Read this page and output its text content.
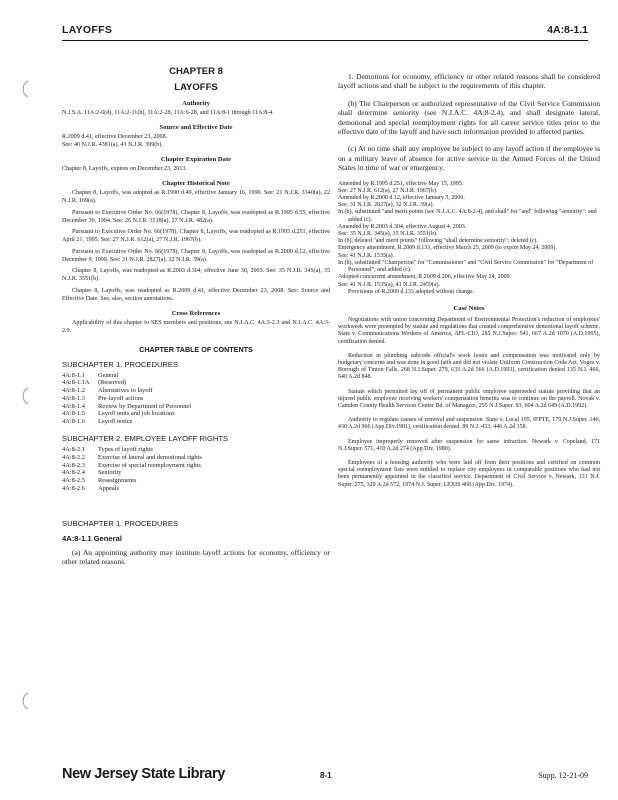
LAYOFFS	4A:8-1.1

CHAPTER 8

LAYOFFS

Authority

N.J.S.A. 11A:2-6(d), 11A:2-11(h), 11A:2-28, 11A:6-28, and 11A:8-1 through 11A:8-4.

Source and Effective Date

R.2009 d.41, effective December 23, 2008.

See: 40 N.J.R. 4381(a), 41 N.J.R. 399(b).

Chapter Expiration Date

Chapter 8, Layoffs, expires on December 23, 2013.

Chapter Historical Note

Chapter 8, Layoffs, was adopted as R.1990 d.49, effective January 16, 1990. See: 21 N.J.R. 3340(a), 22 N.J.R. 169(a).

Pursuant to Executive Order No. 66(1978), Chapter 8, Layoffs, was readopted as R.1995 d.55, effective December 30, 1994. See: 26 N.J.R. 3518(a), 27 N.J.R. 482(a).

Pursuant to Executive Order No. 66(1978), Chapter 8, Layoffs, was readopted as R.1995 d.251, effective April 21, 1995. See: 27 N.J.R. 612(a), 27 N.J.R. 1967(b).

Pursuant to Executive Order No. 66(1978), Chapter 8, Layoffs, was readopted as R.2000 d.12, effective December 9, 1999. See: 31 N.J.R. 2827(a), 32 N.J.R. 39(a).

Chapter 8, Layoffs, was readopted as R.2003 d.304, effective June 30, 2003. See: 35 N.J.R. 345(a), 35 N.J.R. 3551(b).

Chapter 8, Layoffs, was readopted as R.2009 d.41, effective December 23, 2008. See: Source and Effective Date. See, also, section annotations.

Cross References

Applicability of this chapter to SES members and positions, see N.J.A.C. 4A:3-2.3 and N.J.A.C. 4A:3-2.9.

CHAPTER TABLE OF CONTENTS

SUBCHAPTER 1. PROCEDURES

4A:8-1.1	General
4A:8-1.1A	(Reserved)
4A:8-1.2	Alternatives to layoff
4A:8-1.3	Pre-layoff actions
4A:8-1.4	Review by Department of Personnel
4A:8-1.5	Layoff units and job locations
4A:8-1.6	Layoff notice

SUBCHAPTER 2. EMPLOYEE LAYOFF RIGHTS

4A:8-2.1	Types of layoff rights
4A:8-2.2	Exercise of lateral and demotional rights
4A:8-2.3	Exercise of special reemployment rights
4A:8-2.4	Seniority
4A:8-2.5	Reassignments
4A:8-2.6	Appeals

SUBCHAPTER 1. PROCEDURES

4A:8-1.1 General

(a) An appointing authority may institute layoff actions for economy, efficiency or other related reasons.

1. Demotions for economy, efficiency or other related reasons shall be considered layoff actions and shall be subject to the requirements of this chapter.

(b) The Chairperson or authorized representative of the Civil Service Commission shall determine seniority (see N.J.A.C. 4A:8-2.4), and shall designate lateral, demotional and special reemployment rights for all career service titles prior to the effective date of the layoff and have such information provided to affected parties.

(c) At no time shall any employee be subject to any layoff action if the employee is on a military leave of absence for active service in the Armed Forces of the United States in time of war or emergency.

Amended by R.1995 d.251, effective May 15, 1995.
See: 27 N.J.R. 612(a), 27 N.J.R. 1967(b).
Amended by R.2000 d.12, effective January 3, 2000.
See: 31 N.J.R. 2827(a), 32 N.J.R. 39(a).
In (b), substituted "and merit points (see N.J.A.C. 4A:8-2.4), and shall" for "and" following "seniority"; and added (c).
Amended by R.2003 d.304, effective August 4, 2003.
See: 35 N.J.R. 345(a), 35 N.J.R. 3551(b).
In (b), deleted "and merit points" following "shall determine seniority"; deleted (c).
Emergency amendment, R.2009 d.133, effective March 25, 2009 (to expire May 24, 2009).
See: 41 N.J.R. 1535(a).
In (b), substituted "Chairperson" for "Commissioner" and "Civil Service Commission" for "Department of Personnel"; and added (c).
Adopted concurrent amendment, R.2009 d.206, effective May 24, 2009.
See: 41 N.J.R. 1535(a), 41 N.J.R. 2459(a).
Provisions of R.2009 d.133 adopted without change.

Case Notes

Negotiations with union concerning Department of Environmental Protection's reduction of employees' workweek were preempted by statute and regulations that created comprehensive demotional layoff scheme. State v. Communications Workers of America, AFL-CIO, 285 N.J.Super. 541, 667 A.2d 1070 (A.D.1995), certification denied.

Reduction in plumbing subcode official's work hours and compensation was motivated only by budgetary concerns and was done in good faith and did not violate Uniform Construction Code Act. Voges v. Borough of Tinton Falls, 268 N.J.Super. 279, 633 A.2d 566 (A.D.1993), certification denied 135 N.J. 466, 640 A.2d 848.

Statute which permitted lay off of permanent public employee superseded statute providing that an injured public employee receiving workers' compensation benefits was to continue on the payroll. Novak v. Camden County Health Services Center Bd. of Managers, 255 N.J.Super. 93, 604 A.2d 649 (A.D.1992).

Authority to regulate causes of removal and suspension. State v. Local 195, IFPTE, 179 N.J.Super. 146, 430 A.2d 966 (App.Div.1981), certification denied, 89 N.J. 433, 446 A.2d 158.

Employee improperly removed after suspension for same infraction. Newark v. Copeland, 171 N.J.Super. 571, 410 A.2d 274 (App.Div. 1980).

Employees of a housing authority who were laid off from their positions and certified on common special reemployment lists were entitled to replace city employees in comparable positions who had not been permanently appointed in the classified service. Department of Civil Service v. Newark, 131 N.J. Super. 275, 329 A.2d 572, 1974 N.J. Super. LEXIS 468 (App.Div. 1974).

New Jersey State Library	8-1	Supp. 12-21-09
